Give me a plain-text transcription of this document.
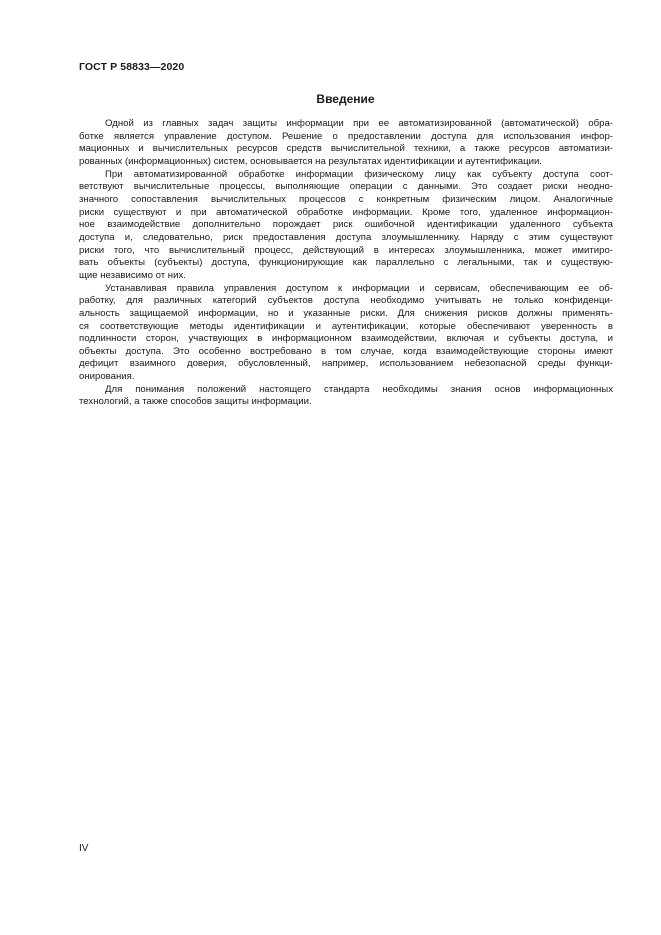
ГОСТ Р 58833—2020
Введение
Одной из главных задач защиты информации при ее автоматизированной (автоматической) обра-
ботке является управление доступом. Решение о предоставлении доступа для использования инфор-
мационных и вычислительных ресурсов средств вычислительной техники, а также ресурсов автоматизи-
рованных (информационных) систем, основывается на результатах идентификации и аутентификации.
При автоматизированной обработке информации физическому лицу как субъекту доступа соот-
ветствуют вычислительные процессы, выполняющие операции с данными. Это создает риски неодно-
значного сопоставления вычислительных процессов с конкретным физическим лицом. Аналогичные
риски существуют и при автоматической обработке информации. Кроме того, удаленное информацион-
ное взаимодействие дополнительно порождает риск ошибочной идентификации удаленного субъекта
доступа и, следовательно, риск предоставления доступа злоумышленнику. Наряду с этим существуют
риски того, что вычислительный процесс, действующий в интересах злоумышленника, может имитиро-
вать объекты (субъекты) доступа, функционирующие как параллельно с легальными, так и существую-
щие независимо от них.
Устанавливая правила управления доступом к информации и сервисам, обеспечивающим ее об-
работку, для различных категорий субъектов доступа необходимо учитывать не только конфиденци-
альность защищаемой информации, но и указанные риски. Для снижения рисков должны применять-
ся соответствующие методы идентификации и аутентификации, которые обеспечивают уверенность в
подлинности сторон, участвующих в информационном взаимодействии, включая и субъекты доступа, и
объекты доступа. Это особенно востребовано в том случае, когда взаимодействующие стороны имеют
дефицит взаимного доверия, обусловленный, например, использованием небезопасной среды функци-
онирования.
Для понимания положений настоящего стандарта необходимы знания основ информационных
технологий, а также способов защиты информации.
IV
